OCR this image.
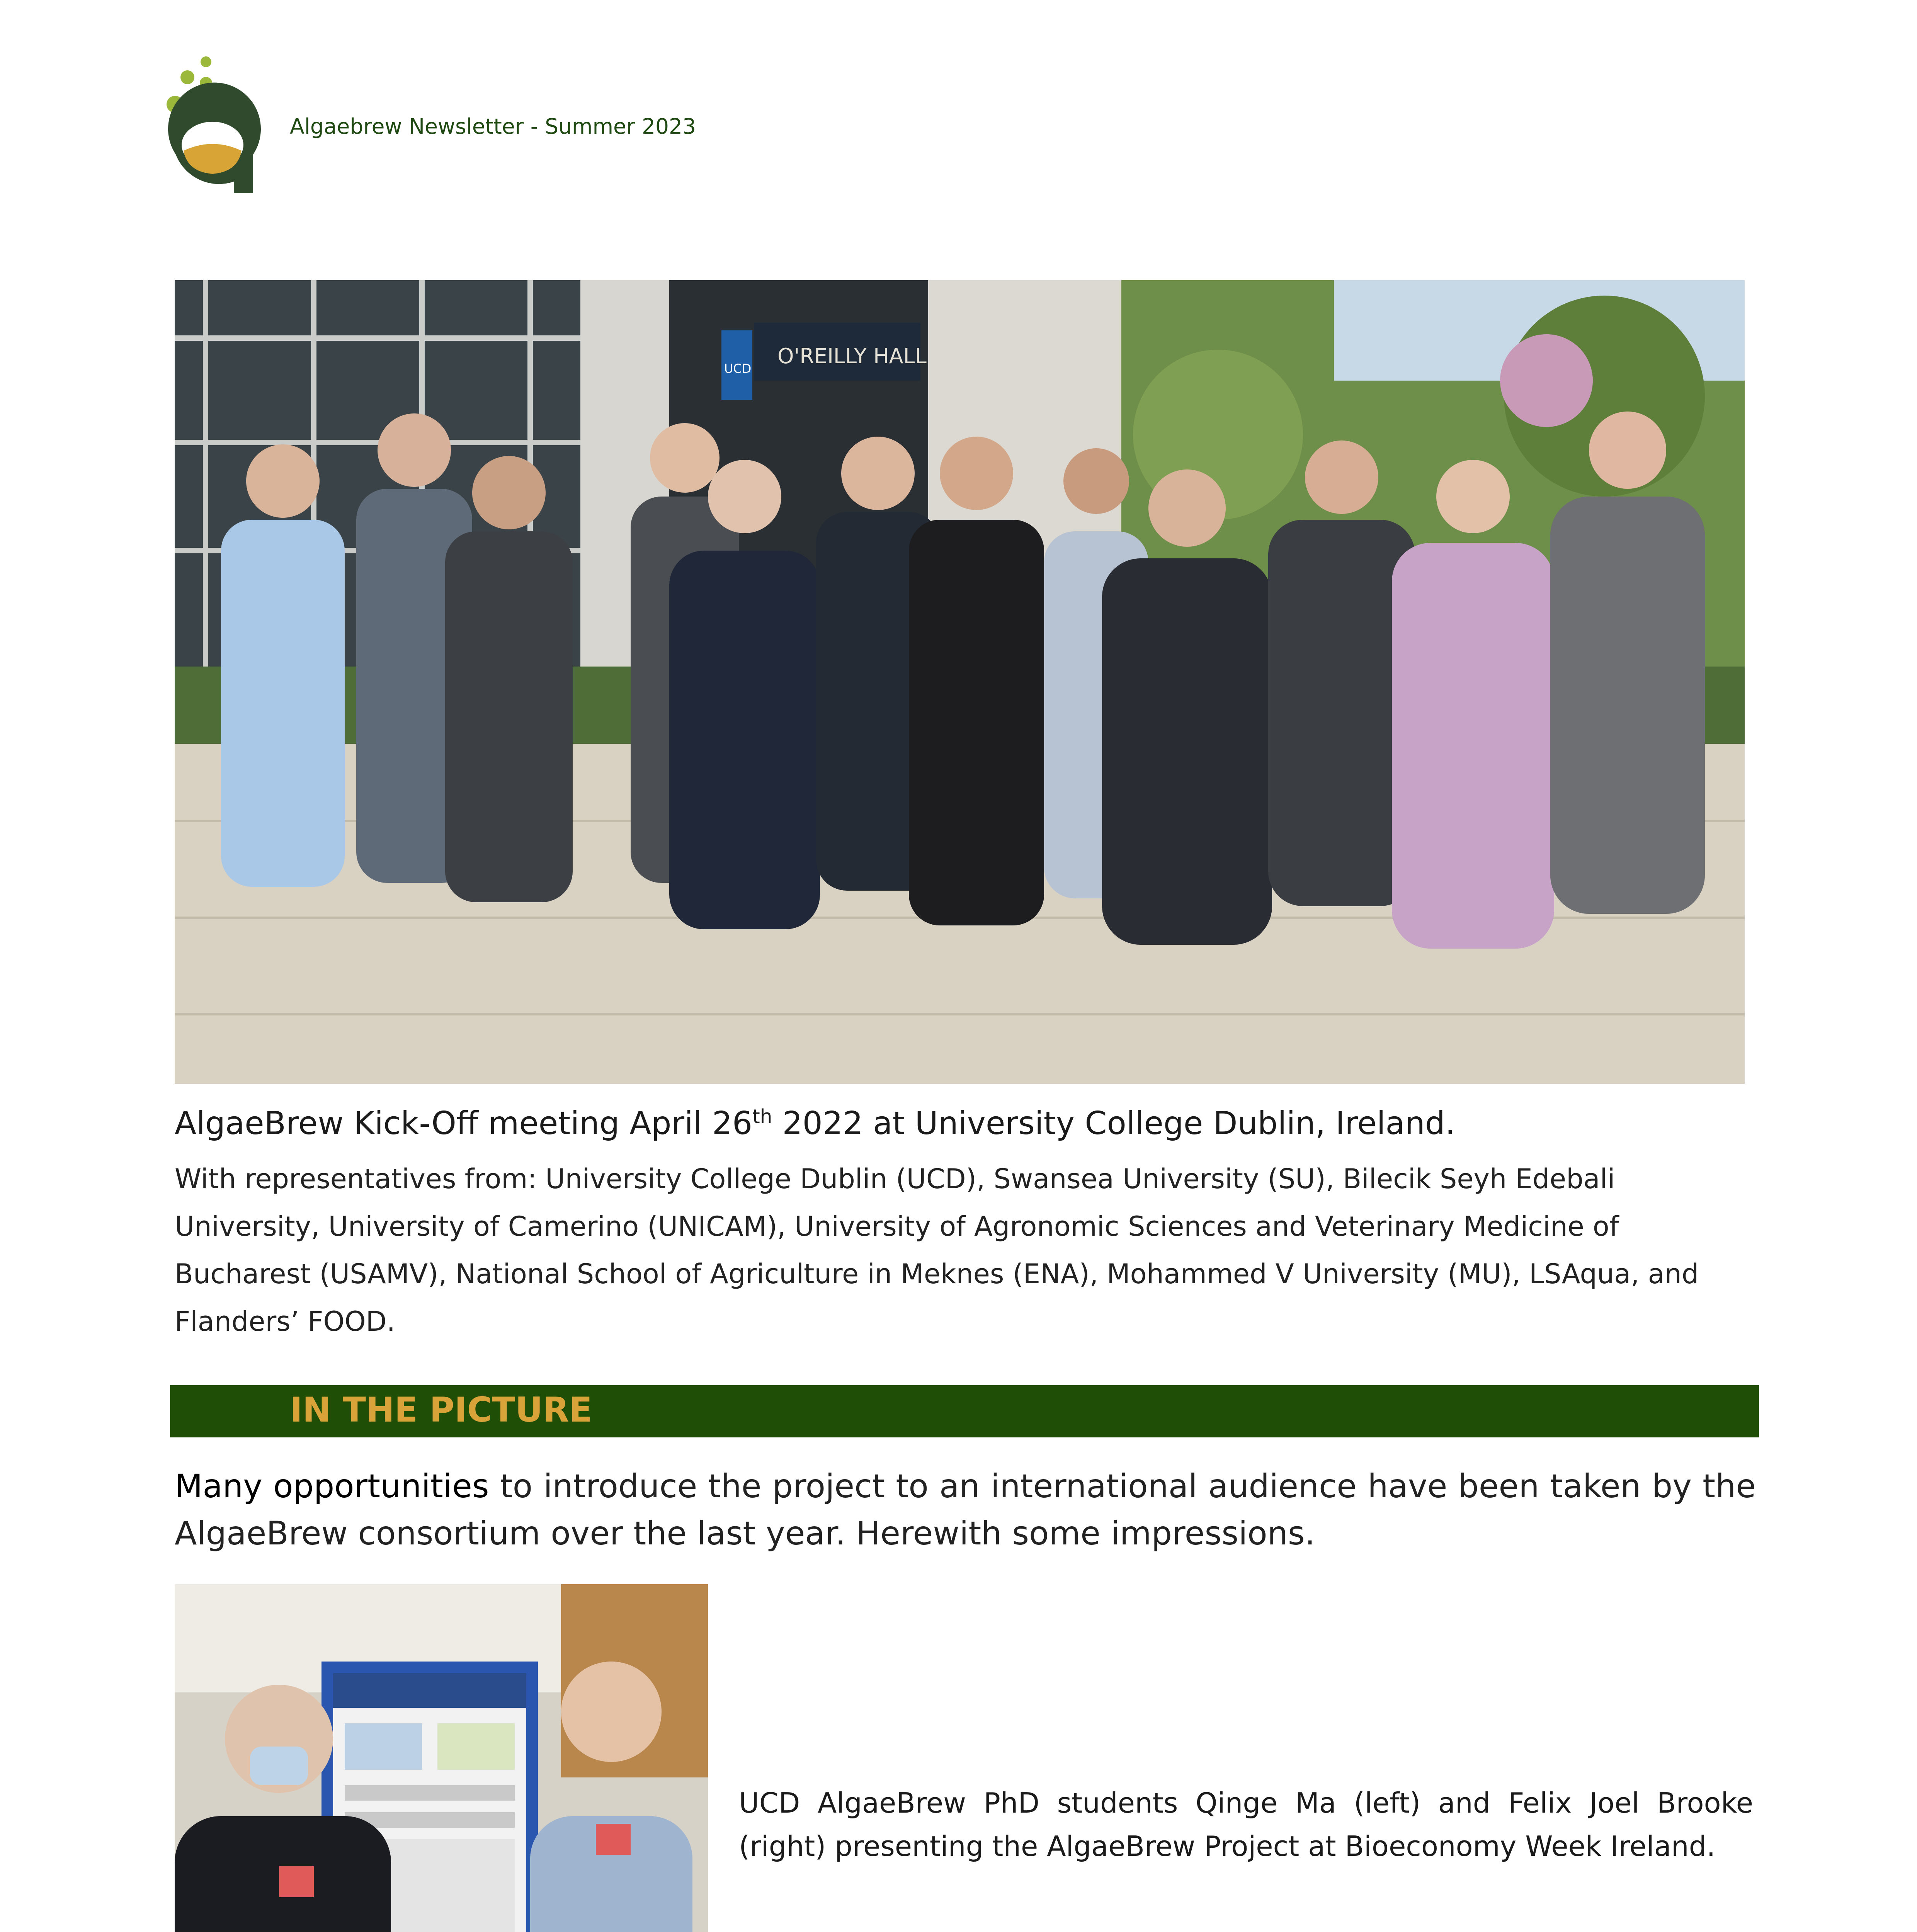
Algaebrew Newsletter - Summer 2023
O'REILLY HALL
UCD
AlgaeBrew Kick-Off meeting April 26th 2022 at University College Dublin, Ireland.
With representatives from: University College Dublin (UCD), Swansea University (SU), Bilecik Seyh Edebali University, University of Camerino (UNICAM), University of Agronomic Sciences and Veterinary Medicine of Bucharest (USAMV), National School of Agriculture in Meknes (ENA), Mohammed V University (MU), LSAqua, and Flanders’ FOOD.
IN THE PICTURE
Many opportunities to introduce the project to an international audience have been taken by the AlgaeBrew consortium over the last year. Herewith some impressions.
UCD AlgaeBrew PhD students Qinge Ma (left) and Felix Joel Brooke (right) presenting the AlgaeBrew Project at Bioeconomy Week Ireland.
